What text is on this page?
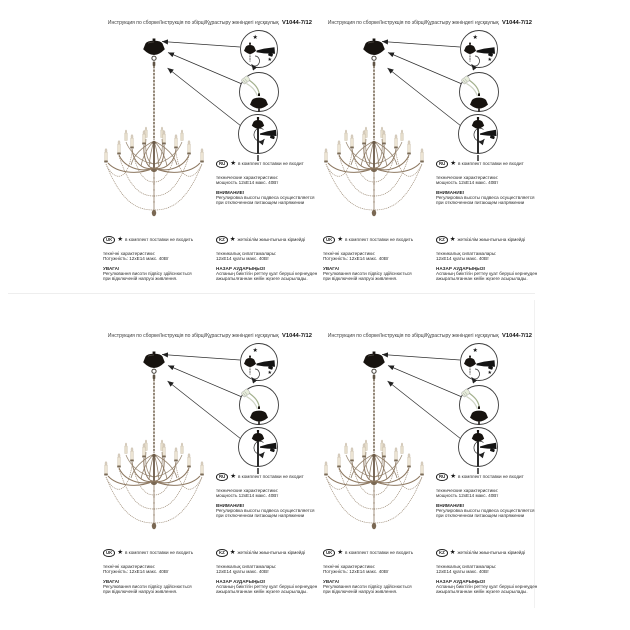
★
★
Инструкция по сборке/Інструкція по збірці/Құрастыру жөніндегі нұсқаулық V1044-7/12
RU ★ в комплект поставки не входит
технические характеристики:
мощность 12хЕ14 макс. 40Вт
ВНИМАНИЕ!
Регулировка высоты подвеса осуществляется
при отключенном питающем напряжении
UK ★ в комплект поставки не входить
технічні характеристики:
Потужність: 12хЕ14 макс. 40Вт
УВАГА!
Регулювання висоти підвісу здійснюється
при відключеній напрузі живлення.
KZ ★ жеткізілім жиынтығына кірмейді
техникалық сипаттамалары:
12хЕ14 қуаты макс. 40Вт
НАЗАР АУДАРЫҢЫЗ!
Аспаның биіктігін реттеу қуат беруші кернеуден
ажыратылғаннан кейін жүзеге асырылады.
★
★
Инструкция по сборке/Інструкція по збірці/Құрастыру жөніндегі нұсқаулық V1044-7/12
RU ★ в комплект поставки не входит
технические характеристики:
мощность 12хЕ14 макс. 40Вт
ВНИМАНИЕ!
Регулировка высоты подвеса осуществляется
при отключенном питающем напряжении
UK ★ в комплект поставки не входить
технічні характеристики:
Потужність: 12хЕ14 макс. 40Вт
УВАГА!
Регулювання висоти підвісу здійснюється
при відключеній напрузі живлення.
KZ ★ жеткізілім жиынтығына кірмейді
техникалық сипаттамалары:
12хЕ14 қуаты макс. 40Вт
НАЗАР АУДАРЫҢЫЗ!
Аспаның биіктігін реттеу қуат беруші кернеуден
ажыратылғаннан кейін жүзеге асырылады.
★
★
Инструкция по сборке/Інструкція по збірці/Құрастыру жөніндегі нұсқаулық V1044-7/12
RU ★ в комплект поставки не входит
технические характеристики:
мощность 12хЕ14 макс. 40Вт
ВНИМАНИЕ!
Регулировка высоты подвеса осуществляется
при отключенном питающем напряжении
UK ★ в комплект поставки не входить
технічні характеристики:
Потужність: 12хЕ14 макс. 40Вт
УВАГА!
Регулювання висоти підвісу здійснюється
при відключеній напрузі живлення.
KZ ★ жеткізілім жиынтығына кірмейді
техникалық сипаттамалары:
12хЕ14 қуаты макс. 40Вт
НАЗАР АУДАРЫҢЫЗ!
Аспаның биіктігін реттеу қуат беруші кернеуден
ажыратылғаннан кейін жүзеге асырылады.
★
★
Инструкция по сборке/Інструкція по збірці/Құрастыру жөніндегі нұсқаулық V1044-7/12
RU ★ в комплект поставки не входит
технические характеристики:
мощность 12хЕ14 макс. 40Вт
ВНИМАНИЕ!
Регулировка высоты подвеса осуществляется
при отключенном питающем напряжении
UK ★ в комплект поставки не входить
технічні характеристики:
Потужність: 12хЕ14 макс. 40Вт
УВАГА!
Регулювання висоти підвісу здійснюється
при відключеній напрузі живлення.
KZ ★ жеткізілім жиынтығына кірмейді
техникалық сипаттамалары:
12хЕ14 қуаты макс. 40Вт
НАЗАР АУДАРЫҢЫЗ!
Аспаның биіктігін реттеу қуат беруші кернеуден
ажыратылғаннан кейін жүзеге асырылады.
